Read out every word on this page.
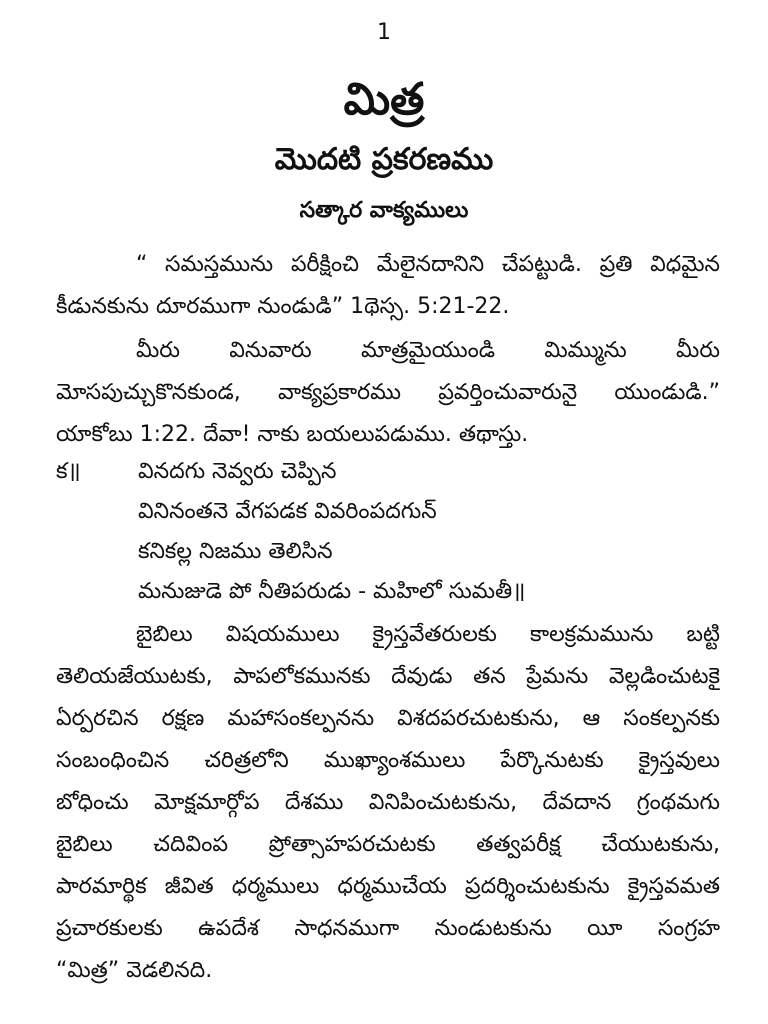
1
మిత్ర
మొదటి ప్రకరణము
సత్కార వాక్యములు
“ సమస్తమును పరీక్షించి మేలైనదానిని చేపట్టుడి. ప్రతి విధమైన
కీడునకును దూరముగా నుండుడి” 1థెస్స. 5:21-22.
మీరు వినువారు మాత్రమైయుండి మిమ్మును మీరు
మోసపుచ్చుకొనకుండ, వాక్యప్రకారము ప్రవర్తించువారునై యుండుడి.”
యాకోబు 1:22. దేవా! నాకు బయలుపడుము. తథాస్తు.
క॥	వినదగు నెవ్వరు చెప్పిన
వినినంతనె వేగపడక వివరింపదగున్
కనికల్ల నిజము తెలిసిన
మనుజుడె పో నీతిపరుడు - మహిలో సుమతీ॥
బైబిలు విషయములు క్రైస్తవేతరులకు కాలక్రమమును బట్టి
తెలియజేయుటకు, పాపలోకమునకు దేవుడు తన ప్రేమను వెల్లడించుటకై
ఏర్పరచిన రక్షణ మహాసంకల్పనను విశదపరచుటకును, ఆ సంకల్పనకు
సంబంధించిన చరిత్రలోని ముఖ్యాంశములు పేర్కొనుటకు క్రైస్తవులు
బోధించు మోక్షమార్గోప దేశము వినిపించుటకును, దేవదాన గ్రంథమగు
బైబిలు చదివింప ప్రోత్సాహపరచుటకు తత్వపరీక్ష చేయుటకును,
పారమార్థిక జీవిత ధర్మములు ధర్మముచేయ ప్రదర్శించుటకును క్రైస్తవమత
ప్రచారకులకు ఉపదేశ సాధనముగా నుండుటకును యీ సంగ్రహ
“మిత్ర” వెడలినది.
